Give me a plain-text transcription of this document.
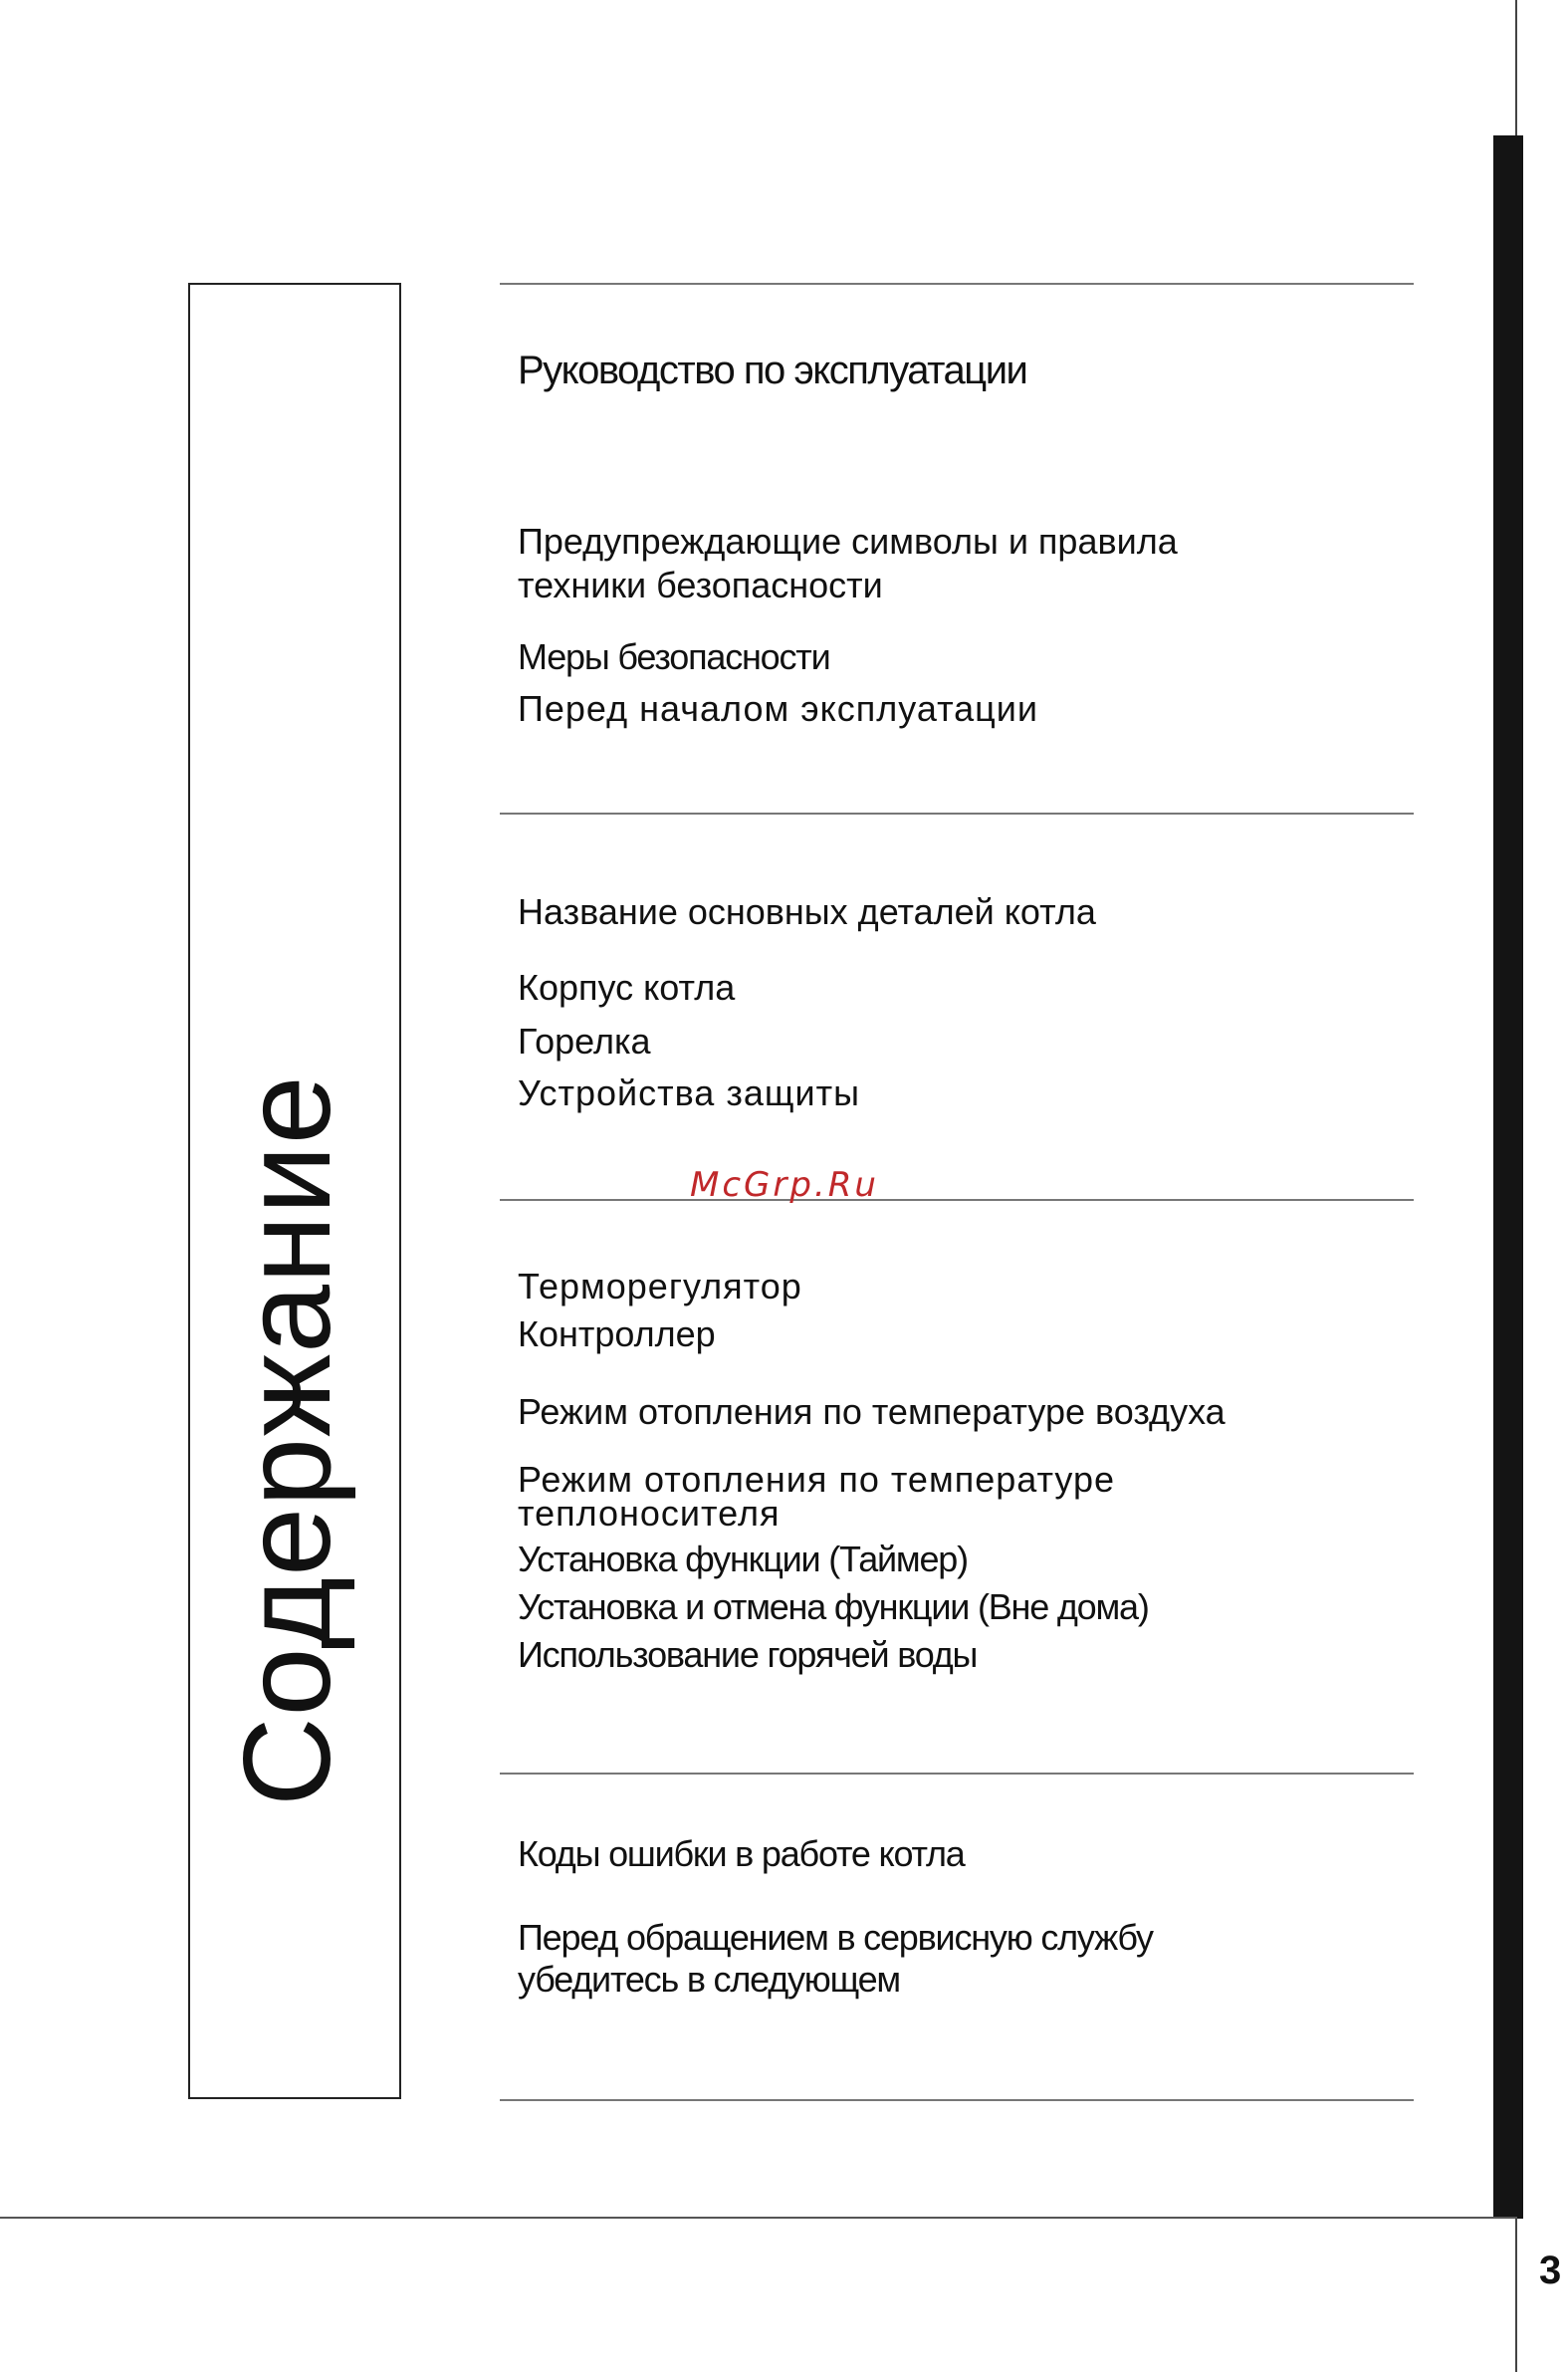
3
Содержание
Руководство по эксплуатации
Предупреждающие символы и правила
техники безопасности
Меры безопасности
Перед началом эксплуатации
Название основных деталей котла
Корпус котла
Горелка
Устройства защиты
McGrp.Ru
Терморегулятор
Контроллер
Режим отопления по температуре воздуха
Режим отопления по температуре
теплоносителя
Установка функции (Таймер)
Установка и отмена функции (Вне дома)
Использование горячей воды
Коды ошибки в работе котла
Перед обращением в сервисную службу
убедитесь в следующем
